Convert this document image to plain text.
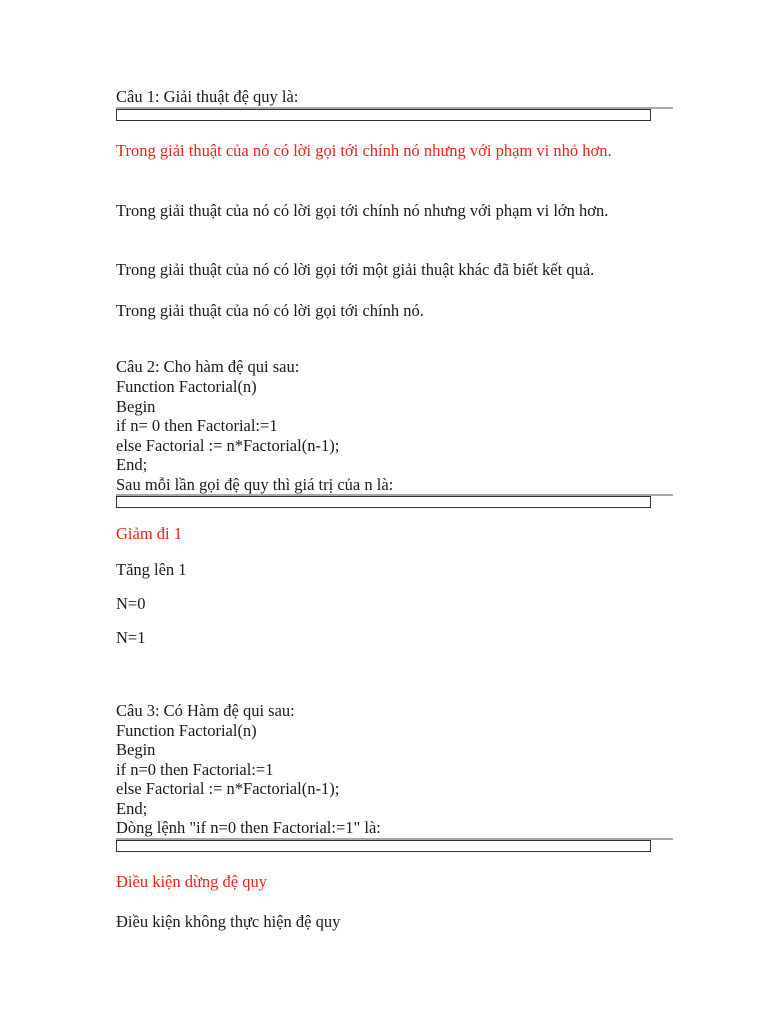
Câu 1: Giải thuật đệ quy là:
Trong giải thuật của nó có lời gọi tới chính nó nhưng với phạm vi nhỏ hơn.
Trong giải thuật của nó có lời gọi tới chính nó nhưng với phạm vi lớn hơn.
Trong giải thuật của nó có lời gọi tới một giải thuật khác đã biết kết quả.
Trong giải thuật của nó có lời gọi tới chính nó.
Câu 2: Cho hàm đệ qui sau:
Function Factorial(n)
Begin
if n= 0 then Factorial:=1
else Factorial := n*Factorial(n-1);
End;
Sau mỗi lần gọi đệ quy thì giá trị của n là:
Giảm đi 1
Tăng lên 1
N=0
N=1
Câu 3: Có Hàm đệ qui sau:
Function Factorial(n)
Begin
if n=0 then Factorial:=1
else Factorial := n*Factorial(n-1);
End;
Dòng lệnh "if n=0 then Factorial:=1" là:
Điều kiện dừng đệ quy
Điều kiện không thực hiện đệ quy
